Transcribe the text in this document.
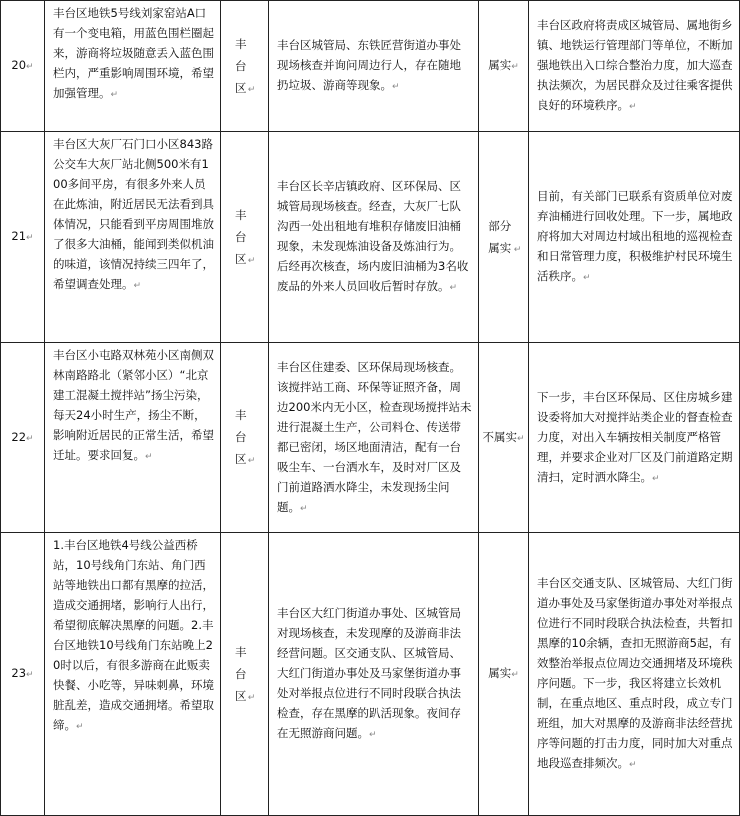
20↵	丰台区地铁5号线刘家窑站A口有一个变电箱，用蓝色围栏圈起来，游商将垃圾随意丢入蓝色围栏内，严重影响周围环境，希望加强管理。↵	丰台区↵	丰台区城管局、东铁匠营街道办事处现场核查并询问周边行人，存在随地扔垃圾、游商等现象。↵	属实↵	丰台区政府将责成区城管局、属地街乡镇、地铁运行管理部门等单位，不断加强地铁出入口综合整治力度，加大巡查执法频次，为居民群众及过往乘客提供良好的环境秩序。↵
21↵	丰台区大灰厂石门口小区843路公交车大灰厂站北侧500米有100多间平房，有很多外来人员在此炼油，附近居民无法看到具体情况，只能看到平房周围堆放了很多大油桶，能闻到类似机油的味道，该情况持续三四年了，希望调查处理。↵	丰台区↵	丰台区长辛店镇政府、区环保局、区城管局现场核查。经查，大灰厂七队沟西一处出租地有堆积存储废旧油桶现象，未发现炼油设备及炼油行为。后经再次核查，场内废旧油桶为3名收废品的外来人员回收后暂时存放。↵	部分属实 ↵	目前，有关部门已联系有资质单位对废弃油桶进行回收处理。下一步，属地政府将加大对周边村域出租地的巡视检查和日常管理力度，积极维护村民环境生活秩序。↵
22↵	丰台区小屯路双林苑小区南侧双林南路路北（紧邻小区）“北京建工混凝土搅拌站”扬尘污染，每天24小时生产，扬尘不断，影响附近居民的正常生活，希望迁址。要求回复。↵	丰台区↵	丰台区住建委、区环保局现场核查。该搅拌站工商、环保等证照齐备，周边200米内无小区，检查现场搅拌站未进行混凝土生产，公司料仓、传送带都已密闭，场区地面清洁，配有一台吸尘车、一台洒水车，及时对厂区及门前道路洒水降尘，未发现扬尘问题。↵	不属实↵	下一步，丰台区环保局、区住房城乡建设委将加大对搅拌站类企业的督查检查力度，对出入车辆按相关制度严格管理，并要求企业对厂区及门前道路定期清扫，定时洒水降尘。↵
23↵	1.丰台区地铁4号线公益西桥站，10号线角门东站、角门西站等地铁出口都有黑摩的拉活，造成交通拥堵，影响行人出行，希望彻底解决黑摩的问题。2.丰台区地铁10号线角门东站晚上20时以后，有很多游商在此贩卖快餐、小吃等，异味刺鼻，环境脏乱差，造成交通拥堵。希望取缔。↵	丰台区↵	丰台区大红门街道办事处、区城管局对现场核查，未发现摩的及游商非法经营问题。区交通支队、区城管局、大红门街道办事处及马家堡街道办事处对举报点位进行不同时段联合执法检查，存在黑摩的趴活现象。夜间存在无照游商问题。↵	属实↵	丰台区交通支队、区城管局、大红门街道办事处及马家堡街道办事处对举报点位进行不同时段联合执法检查，共暂扣黑摩的10余辆，查扣无照游商5起，有效整治举报点位周边交通拥堵及环境秩序问题。下一步，我区将建立长效机制，在重点地区、重点时段，成立专门班组，加大对黑摩的及游商非法经营扰序等问题的打击力度，同时加大对重点地段巡查排频次。↵
